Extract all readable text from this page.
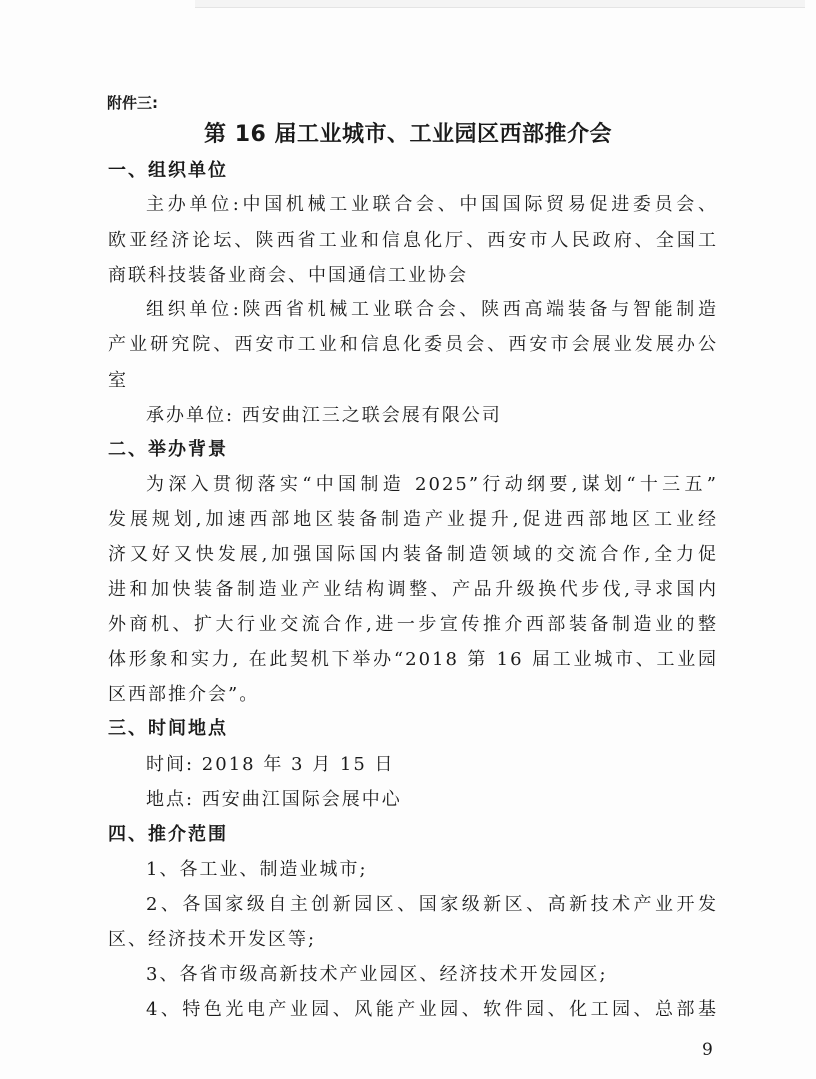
附件三:
第 16 届工业城市、工业园区西部推介会
一、组织单位
主办单位:中国机械工业联合会、中国国际贸易促进委员会、
欧亚经济论坛、陕西省工业和信息化厅、西安市人民政府、全国工
商联科技装备业商会、中国通信工业协会
组织单位:陕西省机械工业联合会、陕西高端装备与智能制造
产业研究院、西安市工业和信息化委员会、西安市会展业发展办公
室
承办单位: 西安曲江三之联会展有限公司
二、举办背景
为深入贯彻落实“中国制造 2025”行动纲要,谋划“十三五”
发展规划,加速西部地区装备制造产业提升,促进西部地区工业经
济又好又快发展,加强国际国内装备制造领域的交流合作,全力促
进和加快装备制造业产业结构调整、产品升级换代步伐,寻求国内
外商机、扩大行业交流合作,进一步宣传推介西部装备制造业的整
体形象和实力, 在此契机下举办“2018 第 16 届工业城市、工业园
区西部推介会”。
三、时间地点
时间: 2018 年 3 月 15 日
地点: 西安曲江国际会展中心
四、推介范围
1、各工业、制造业城市;
2、各国家级自主创新园区、国家级新区、高新技术产业开发
区、经济技术开发区等;
3、各省市级高新技术产业园区、经济技术开发园区;
4、特色光电产业园、风能产业园、软件园、化工园、总部基
9
